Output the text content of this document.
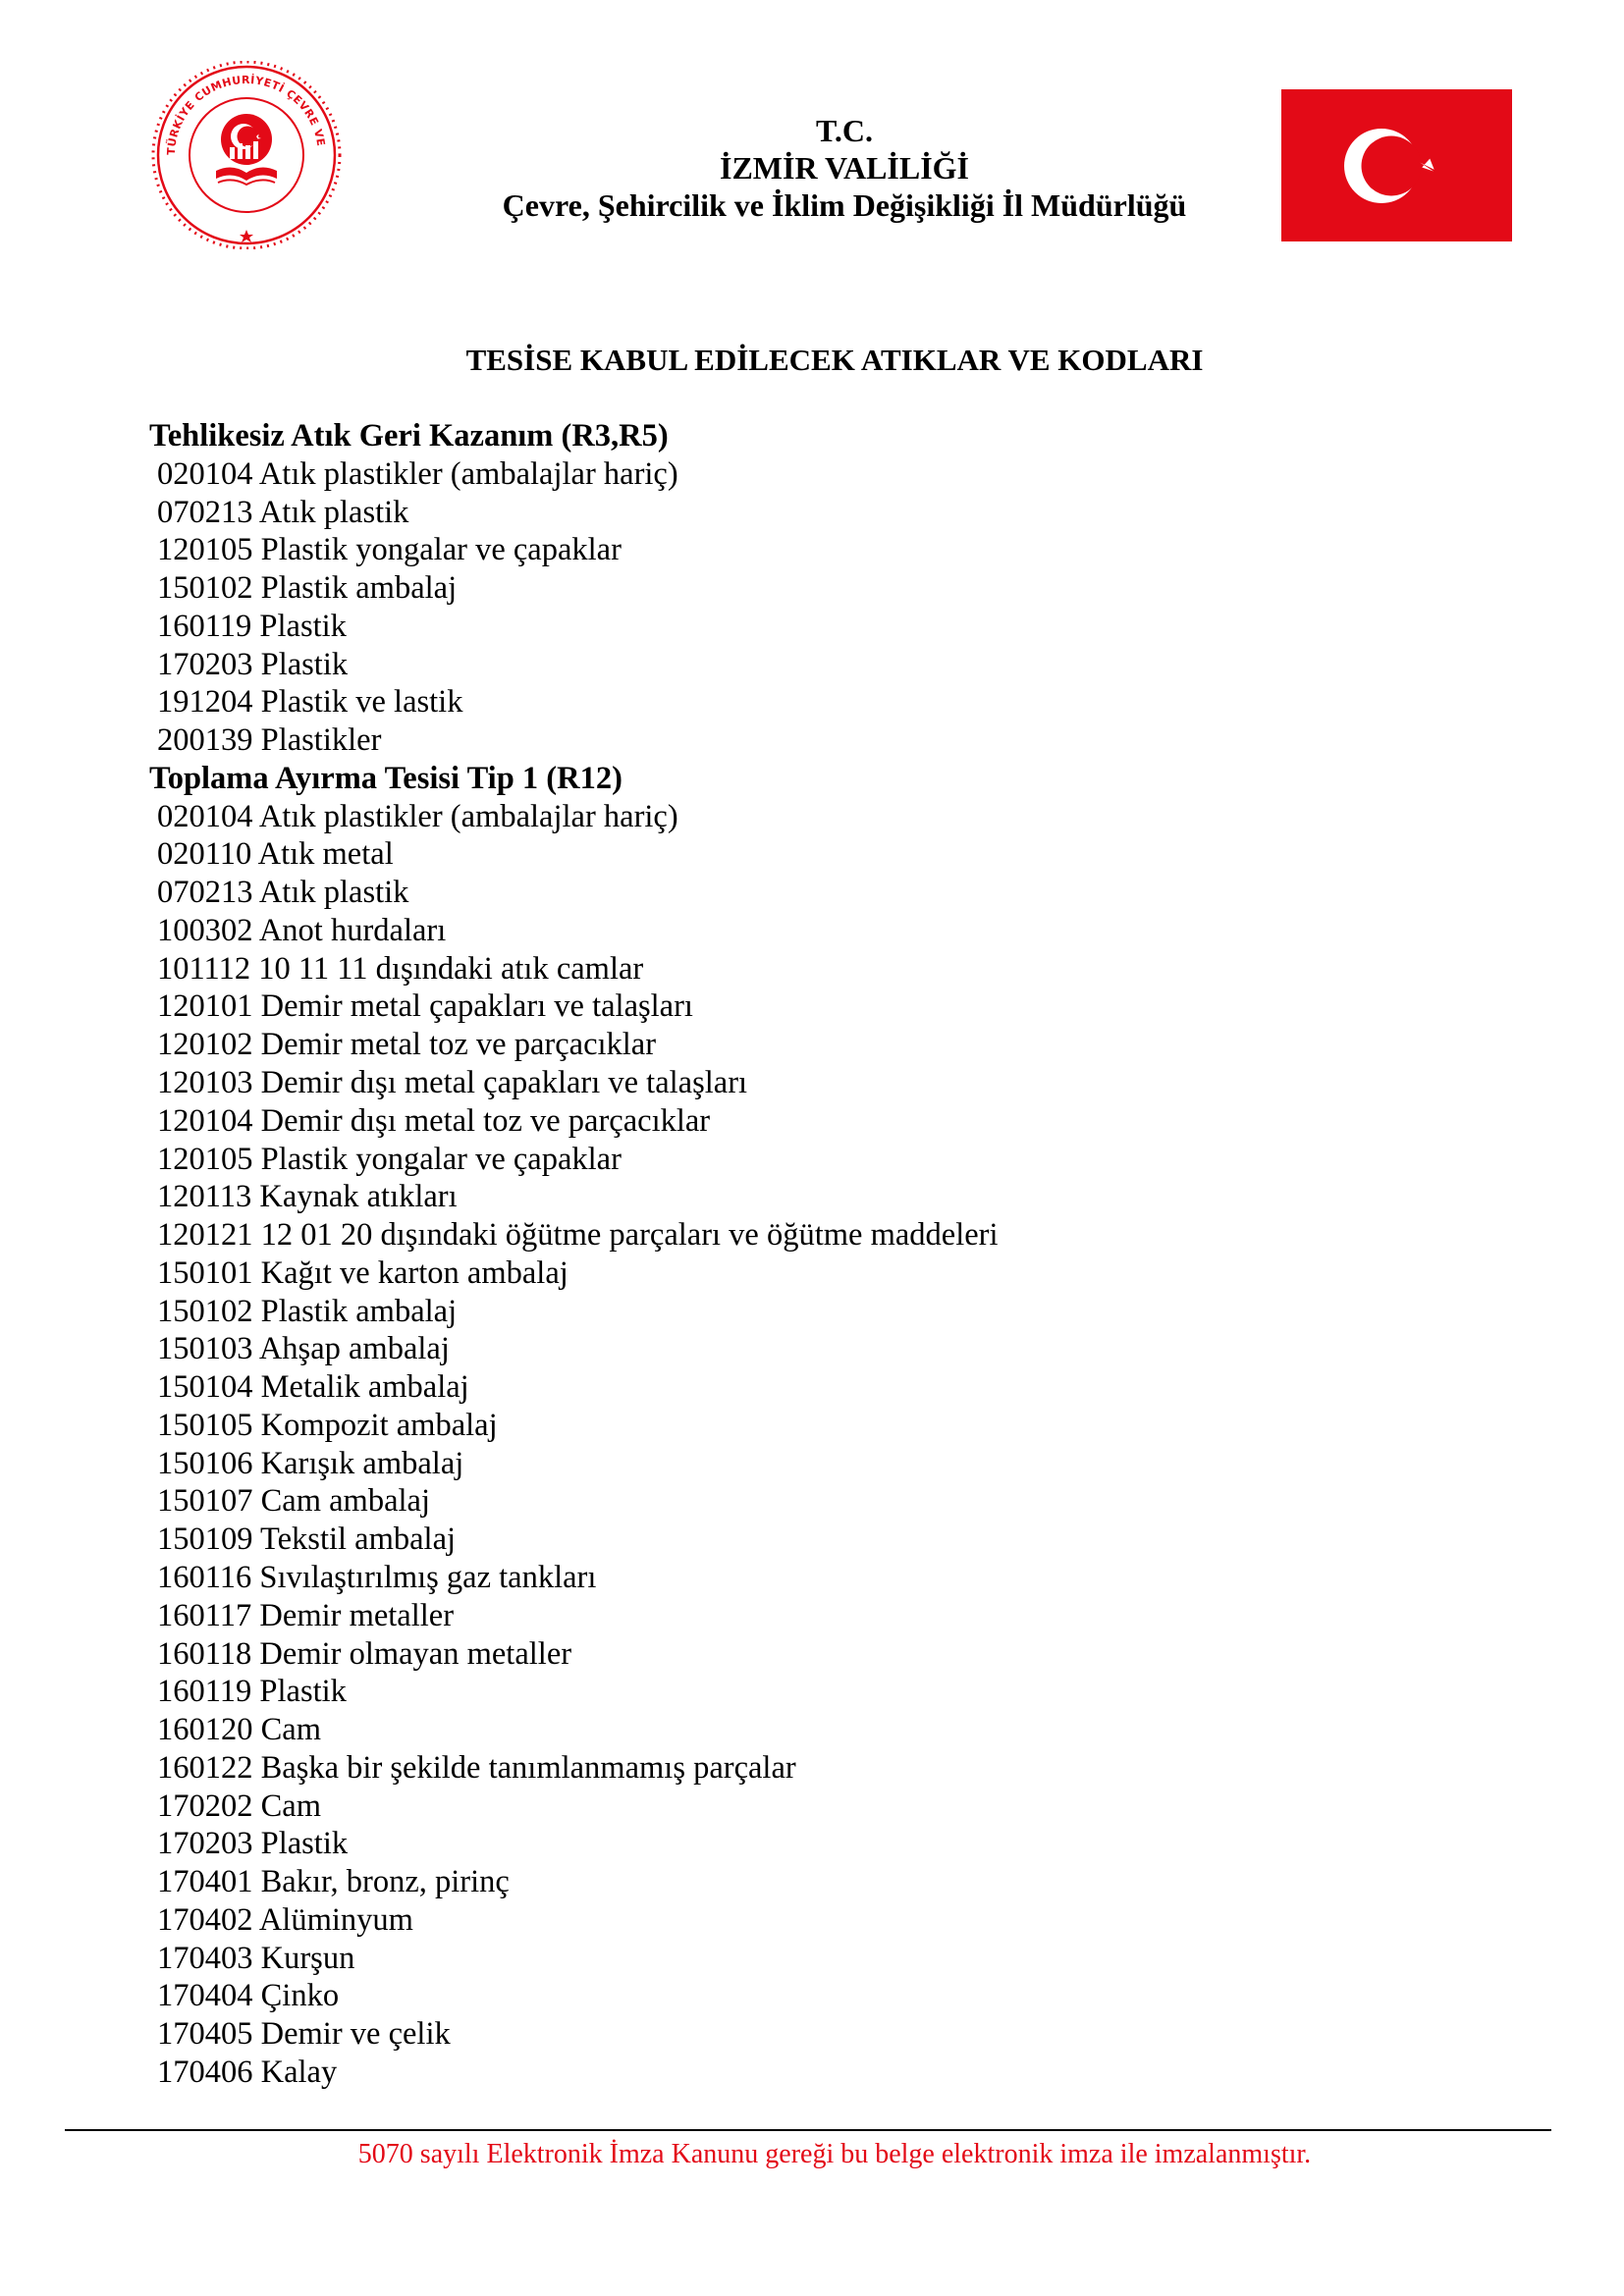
TÜRKİYE CUMHURİYETİ ÇEVRE VE	T.C.
İZMİR VALİLİĞİ
Çevre, Şehircilik ve İklim Değişikliği İl Müdürlüğü
TESİSE KABUL EDİLECEK ATIKLAR VE KODLARI
Tehlikesiz Atık Geri Kazanım (R3,R5)
020104 Atık plastikler (ambalajlar hariç)
070213 Atık plastik
120105 Plastik yongalar ve çapaklar
150102 Plastik ambalaj
160119 Plastik
170203 Plastik
191204 Plastik ve lastik
200139 Plastikler
Toplama Ayırma Tesisi Tip 1 (R12)
020104 Atık plastikler (ambalajlar hariç)
020110 Atık metal
070213 Atık plastik
100302 Anot hurdaları
101112 10 11 11 dışındaki atık camlar
120101 Demir metal çapakları ve talaşları
120102 Demir metal toz ve parçacıklar
120103 Demir dışı metal çapakları ve talaşları
120104 Demir dışı metal toz ve parçacıklar
120105 Plastik yongalar ve çapaklar
120113 Kaynak atıkları
120121 12 01 20 dışındaki öğütme parçaları ve öğütme maddeleri
150101 Kağıt ve karton ambalaj
150102 Plastik ambalaj
150103 Ahşap ambalaj
150104 Metalik ambalaj
150105 Kompozit ambalaj
150106 Karışık ambalaj
150107 Cam ambalaj
150109 Tekstil ambalaj
160116 Sıvılaştırılmış gaz tankları
160117 Demir metaller
160118 Demir olmayan metaller
160119 Plastik
160120 Cam
160122 Başka bir şekilde tanımlanmamış parçalar
170202 Cam
170203 Plastik
170401 Bakır, bronz, pirinç
170402 Alüminyum
170403 Kurşun
170404 Çinko
170405 Demir ve çelik
170406 Kalay
5070 sayılı Elektronik İmza Kanunu gereği bu belge elektronik imza ile imzalanmıştır.
